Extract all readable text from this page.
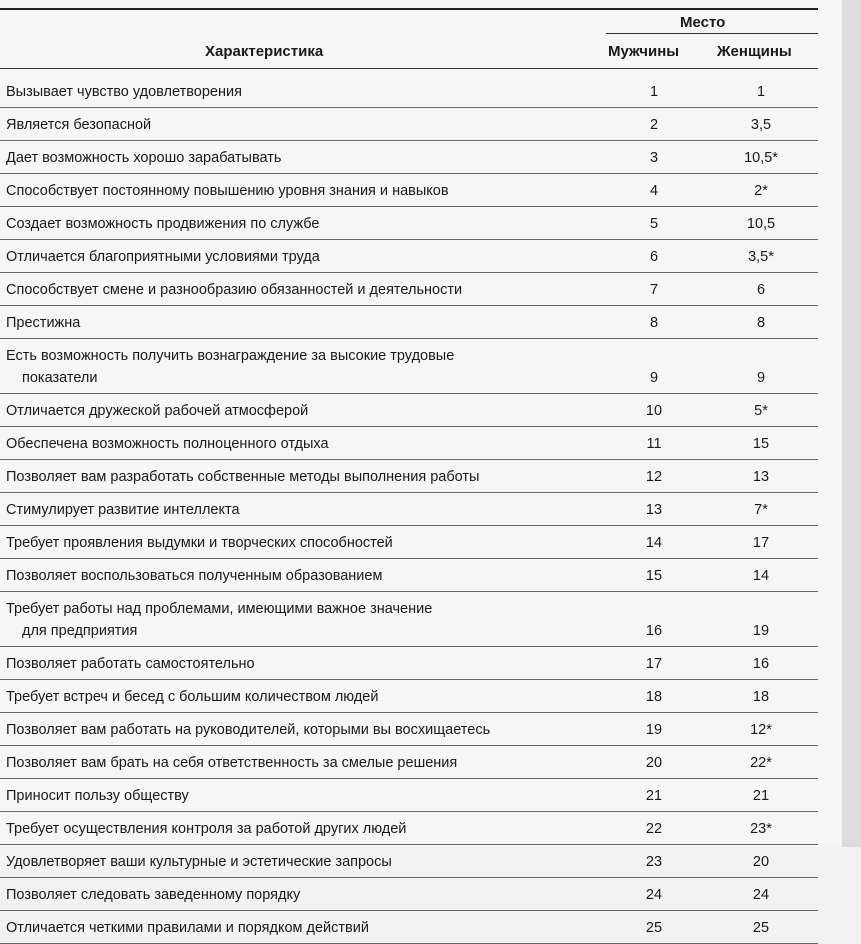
Место
Характеристика	Мужчины	Женщины
Вызывает чувство удовлетворения	1	1
Является безопасной	2	3,5
Дает возможность хорошо зарабатывать	3	10,5*
Способствует постоянному повышению уровня знания и навыков	4	2*
Создает возможность продвижения по службе	5	10,5
Отличается благоприятными условиями труда	6	3,5*
Способствует смене и разнообразию обязанностей и деятельности	7	6
Престижна	8	8
Есть возможность получить вознаграждение за высокие трудовые
показатели	9	9
Отличается дружеской рабочей атмосферой	10	5*
Обеспечена возможность полноценного отдыха	11	15
Позволяет вам разработать собственные методы выполнения работы	12	13
Стимулирует развитие интеллекта	13	7*
Требует проявления выдумки и творческих способностей	14	17
Позволяет воспользоваться полученным образованием	15	14
Требует работы над проблемами, имеющими важное значение
для предприятия	16	19
Позволяет работать самостоятельно	17	16
Требует встреч и бесед с большим количеством людей	18	18
Позволяет вам работать на руководителей, которыми вы восхищаетесь	19	12*
Позволяет вам брать на себя ответственность за смелые решения	20	22*
Приносит пользу обществу	21	21
Требует осуществления контроля за работой других людей	22	23*
Удовлетворяет ваши культурные и эстетические запросы	23	20
Позволяет следовать заведенному порядку	24	24
Отличается четкими правилами и порядком действий	25	25
